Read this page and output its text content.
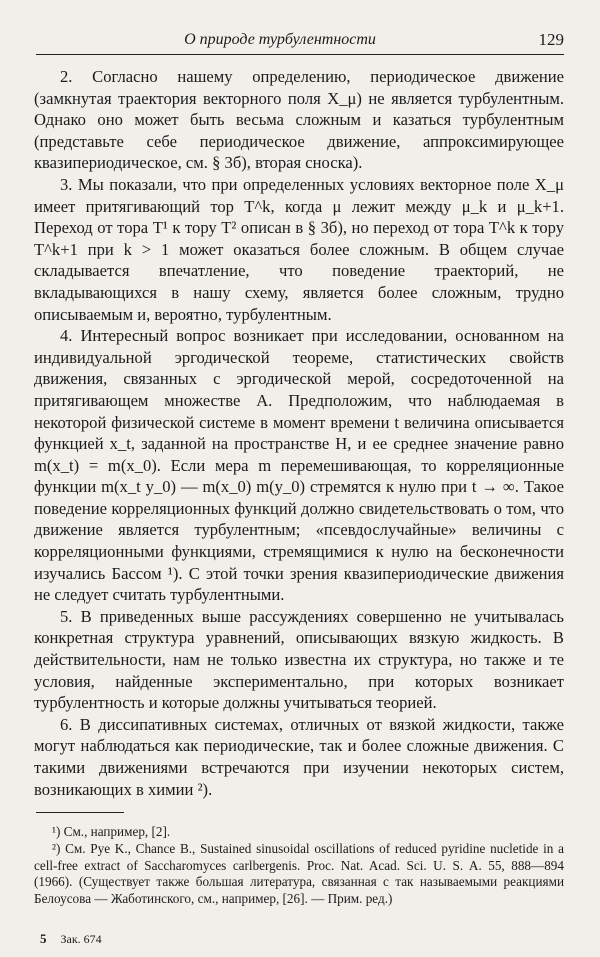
О природе турбулентности	129

2. Согласно нашему определению, периодическое движение (замкнутая траектория векторного поля X_μ) не является турбулентным. Однако оно может быть весьма сложным и казаться турбулентным (представьте себе периодическое движение, аппроксимирующее квазипериодическое, см. § 3б), вторая сноска).

3. Мы показали, что при определенных условиях векторное поле X_μ имеет притягивающий тор T^k, когда μ лежит между μ_k и μ_k+1. Переход от тора T¹ к тору T² описан в § 3б), но переход от тора T^k к тору T^k+1 при k > 1 может оказаться более сложным. В общем случае складывается впечатление, что поведение траекторий, не вкладывающихся в нашу схему, является более сложным, трудно описываемым и, вероятно, турбулентным.

4. Интересный вопрос возникает при исследовании, основанном на индивидуальной эргодической теореме, статистических свойств движения, связанных с эргодической мерой, сосредоточенной на притягивающем множестве A. Предположим, что наблюдаемая в некоторой физической системе в момент времени t величина описывается функцией x_t, заданной на пространстве H, и ее среднее значение равно m(x_t) = m(x_0). Если мера m перемешивающая, то корреляционные функции m(x_t y_0) — m(x_0) m(y_0) стремятся к нулю при t → ∞. Такое поведение корреляционных функций должно свидетельствовать о том, что движение является турбулентным; «псевдослучайные» величины с корреляционными функциями, стремящимися к нулю на бесконечности изучались Бассом ¹). С этой точки зрения квазипериодические движения не следует считать турбулентными.

5. В приведенных выше рассуждениях совершенно не учитывалась конкретная структура уравнений, описывающих вязкую жидкость. В действительности, нам не только известна их структура, но также и те условия, найденные экспериментально, при которых возникает турбулентность и которые должны учитываться теорией.

6. В диссипативных системах, отличных от вязкой жидкости, также могут наблюдаться как периодические, так и более сложные движения. С такими движениями встречаются при изучении некоторых систем, возникающих в химии ²).

¹) См., например, [2].

²) См. Pye K., Chance B., Sustained sinusoidal oscillations of reduced pyridine nucletide in a cell-free extract of Saccharomyces carlbergenis. Proc. Nat. Acad. Sci. U. S. A. 55, 888—894 (1966). (Существует также большая литература, связанная с так называемыми реакциями Белоусова — Жаботинского, см., например, [26]. — Прим. ред.)

5 Зак. 674
